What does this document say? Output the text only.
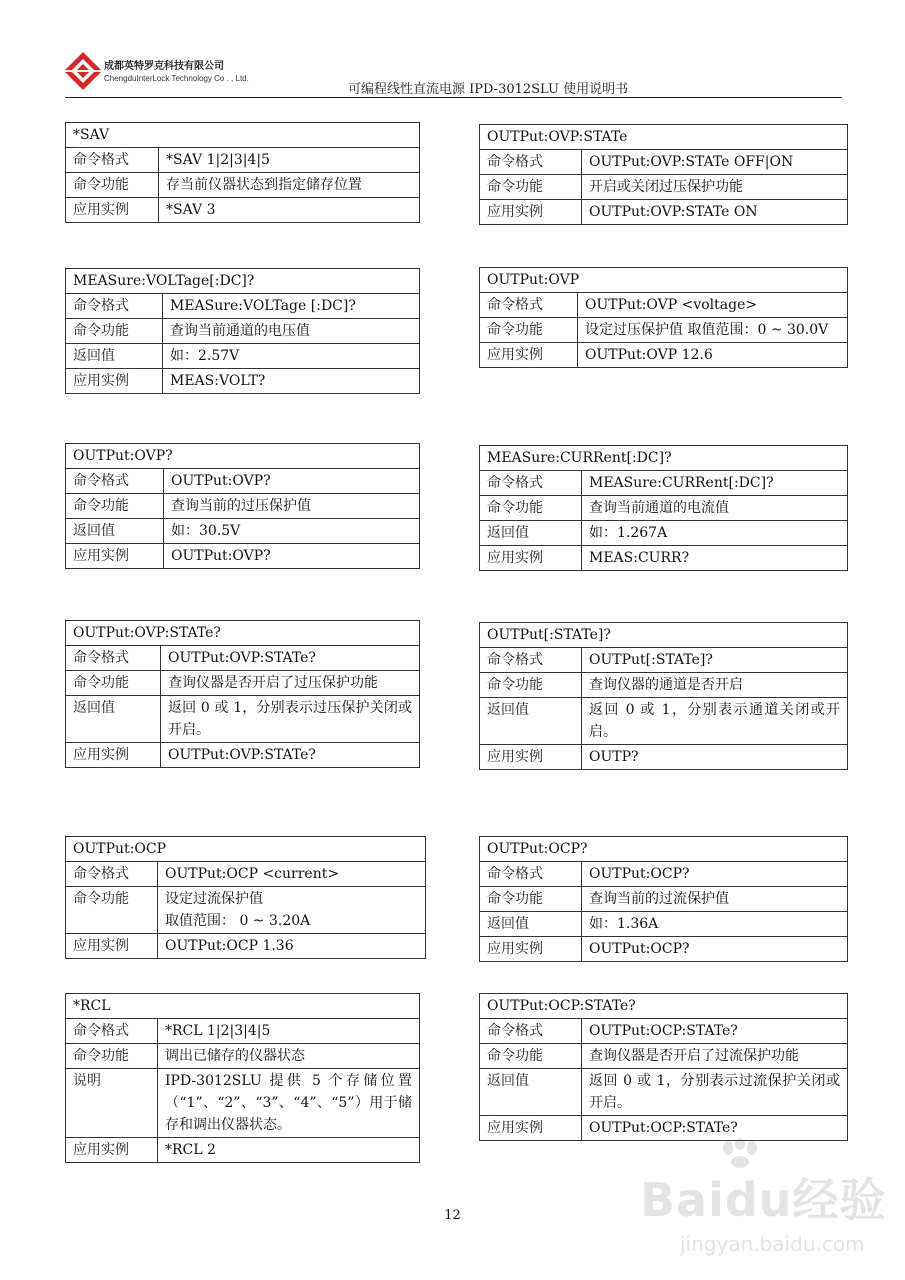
成都英特罗克科技有限公司
ChengduInterLock Technology Co . , Ltd.
可编程线性直流电源 IPD-3012SLU 使用说明书
*SAV	
命令格式	*SAV 1|2|3|4|5
命令功能	存当前仪器状态到指定储存位置
应用实例	*SAV 3
MEASure:VOLTage[:DC]?	
命令格式	MEASure:VOLTage [:DC]?
命令功能	查询当前通道的电压值
返回值	如：2.57V
应用实例	MEAS:VOLT?
OUTPut:OVP?	
命令格式	OUTPut:OVP?
命令功能	查询当前的过压保护值
返回值	如：30.5V
应用实例	OUTPut:OVP?
OUTPut:OVP:STATe?	
命令格式	OUTPut:OVP:STATe?
命令功能	查询仪器是否开启了过压保护功能
返回值	返回 0 或 1，分别表示过压保护关闭或开启。
应用实例	OUTPut:OVP:STATe?
OUTPut:OCP	
命令格式	OUTPut:OCP <current>
命令功能	设定过流保护值
取值范围： 0 ~ 3.20A

应用实例	OUTPut:OCP 1.36
*RCL	
命令格式	*RCL 1|2|3|4|5
命令功能	调出已储存的仪器状态
说明	IPD-3012SLU 提供 5 个存储位置（“1”、“2”、“3”、“4”、“5”）用于储存和调出仪器状态。
应用实例	*RCL 2
OUTPut:OVP:STATe	
命令格式	OUTPut:OVP:STATe OFF|ON
命令功能	开启或关闭过压保护功能
应用实例	OUTPut:OVP:STATe ON
OUTPut:OVP	
命令格式	OUTPut:OVP <voltage>
命令功能	设定过压保护值 取值范围：0 ~ 30.0V
应用实例	OUTPut:OVP 12.6
MEASure:CURRent[:DC]?	
命令格式	MEASure:CURRent[:DC]?
命令功能	查询当前通道的电流值
返回值	如：1.267A
应用实例	MEAS:CURR?
OUTPut[:STATe]?	
命令格式	OUTPut[:STATe]?
命令功能	查询仪器的通道是否开启
返回值	返回 0 或 1，分别表示通道关闭或开启。
应用实例	OUTP?
OUTPut:OCP?	
命令格式	OUTPut:OCP?
命令功能	查询当前的过流保护值
返回值	如：1.36A
应用实例	OUTPut:OCP?
OUTPut:OCP:STATe?	
命令格式	OUTPut:OCP:STATe?
命令功能	查询仪器是否开启了过流保护功能
返回值	返回 0 或 1，分别表示过流保护关闭或开启。
应用实例	OUTPut:OCP:STATe?
Baidu经验
jingyan.baidu.com
12
